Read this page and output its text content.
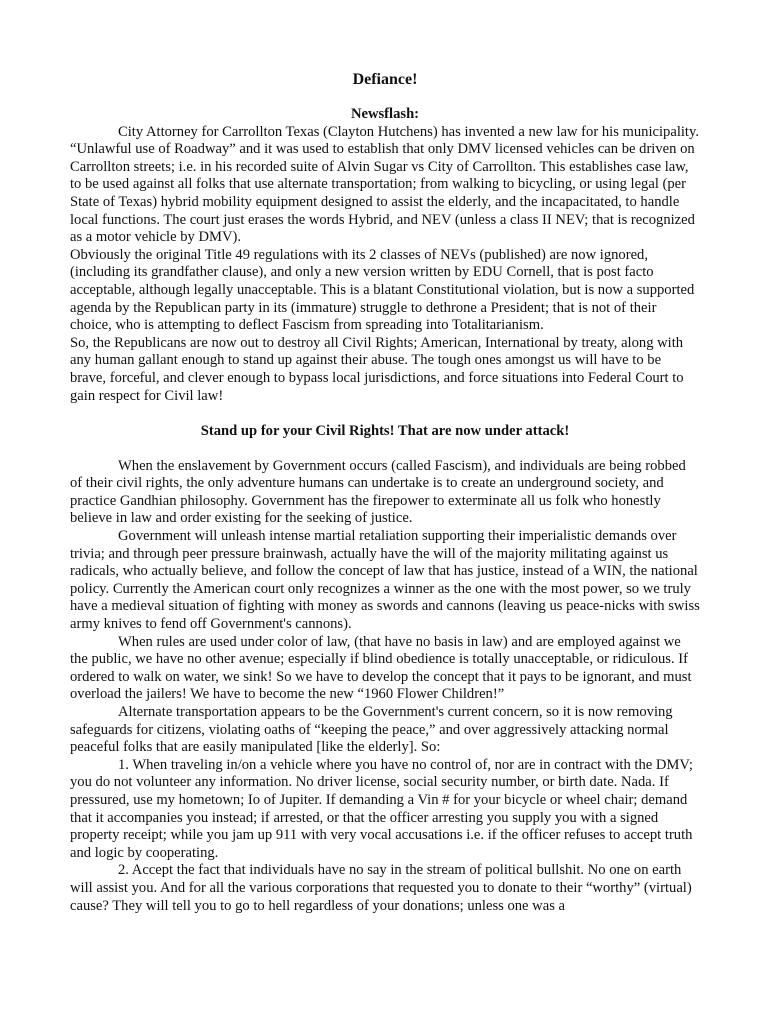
Defiance!
Newsflash:

City Attorney for Carrollton Texas (Clayton Hutchens) has invented a new law for his municipality. “Unlawful use of Roadway” and it was used to establish that only DMV licensed vehicles can be driven on Carrollton streets; i.e. in his recorded suite of Alvin Sugar vs City of Carrollton. This establishes case law, to be used against all folks that use alternate transportation; from walking to bicycling, or using legal (per State of Texas) hybrid mobility equipment designed to assist the elderly, and the incapacitated, to handle local functions. The court just erases the words Hybrid, and NEV (unless a class II NEV; that is recognized as a motor vehicle by DMV).

Obviously the original Title 49 regulations with its 2 classes of NEVs (published) are now ignored, (including its grandfather clause), and only a new version written by EDU Cornell, that is post facto acceptable, although legally unacceptable. This is a blatant Constitutional violation, but is now a supported agenda by the Republican party in its (immature) struggle to dethrone a President; that is not of their choice, who is attempting to deflect Fascism from spreading into Totalitarianism.

So, the Republicans are now out to destroy all Civil Rights; American, International by treaty, along with any human gallant enough to stand up against their abuse. The tough ones amongst us will have to be brave, forceful, and clever enough to bypass local jurisdictions, and force situations into Federal Court to gain respect for Civil law!

Stand up for your Civil Rights! That are now under attack!

When the enslavement by Government occurs (called Fascism), and individuals are being robbed of their civil rights, the only adventure humans can undertake is to create an underground society, and practice Gandhian philosophy. Government has the firepower to exterminate all us folk who honestly believe in law and order existing for the seeking of justice.

Government will unleash intense martial retaliation supporting their imperialistic demands over trivia; and through peer pressure brainwash, actually have the will of the majority militating against us radicals, who actually believe, and follow the concept of law that has justice, instead of a WIN, the national policy. Currently the American court only recognizes a winner as the one with the most power, so we truly have a medieval situation of fighting with money as swords and cannons (leaving us peace-nicks with swiss army knives to fend off Government's cannons).

When rules are used under color of law, (that have no basis in law) and are employed against we the public, we have no other avenue; especially if blind obedience is totally unacceptable, or ridiculous. If ordered to walk on water, we sink! So we have to develop the concept that it pays to be ignorant, and must overload the jailers! We have to become the new “1960 Flower Children!”

Alternate transportation appears to be the Government's current concern, so it is now removing safeguards for citizens, violating oaths of “keeping the peace,” and over aggressively attacking normal peaceful folks that are easily manipulated [like the elderly]. So:

1. When traveling in/on a vehicle where you have no control of, nor are in contract with the DMV; you do not volunteer any information. No driver license, social security number, or birth date. Nada. If pressured, use my hometown; Io of Jupiter. If demanding a Vin # for your bicycle or wheel chair; demand that it accompanies you instead; if arrested, or that the officer arresting you supply you with a signed property receipt; while you jam up 911 with very vocal accusations i.e. if the officer refuses to accept truth and logic by cooperating.

2. Accept the fact that individuals have no say in the stream of political bullshit. No one on earth will assist you. And for all the various corporations that requested you to donate to their “worthy” (virtual) cause? They will tell you to go to hell regardless of your donations; unless one was a
